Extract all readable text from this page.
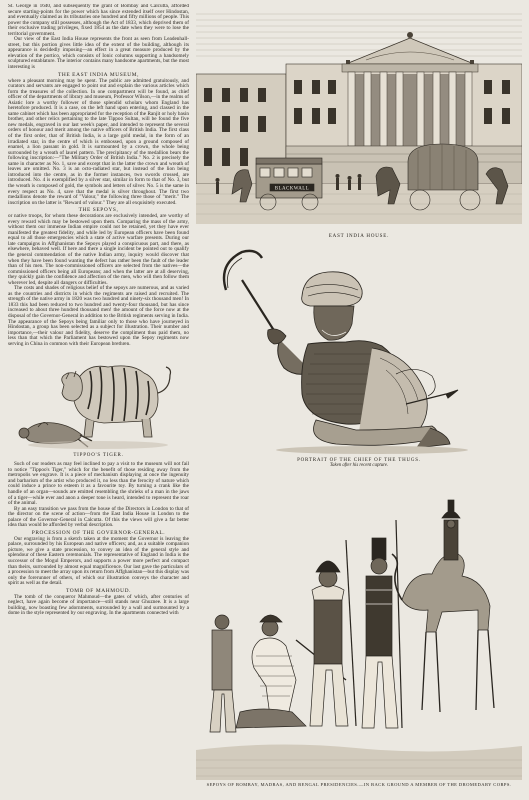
St. George in 1640, and subsequently the grant of Bombay and Calcutta, afforded secure starting-points for the power which has since extended itself over Hindostan, and eventually claimed as its tributaries one hundred and fifty millions of people. This power the company still possesses, although the Act of 1833, which deprived them of their exclusive trading privileges, fixed 1854 as the date when they were to lose the territorial government.

Our view of the East India House represents the front as seen from Leadenhall-street, but this portion gives little idea of the extent of the building, although its appearance is decidedly imposing—an effect in a great measure produced by the elevation of the portico, which consists of Ionic columns supporting a handsomely sculptured entablature. The interior contains many handsome apartments, but the most interesting is

THE EAST INDIA MUSEUM,

where a pleasant morning may be spent. The public are admitted gratuitously, and curators and servants are engaged to point out and explain the various articles which form the treasures of the collection. In one compartment will be found, as chief officer of the departments of library and museum, Professor Wilson,—in the realms of Asiatic lore a worthy follower of those splendid scholars whom England has heretofore produced. It is a case, on the left hand upon entering, and classed in the same cabinet which has been appropriated for the reception of the Ranjit or holy basin brother, and other relics pertaining to the late Tippoo Sultan, will be found the five new medals, engraved in our last week's paper, and intended to represent the several orders of honour and merit among the native officers of British India. The first class of the first order, that of British India, is a large gold medal, in the form of an irradiated star, in the centre of which is embossed, upon a ground composed of enamel, a lion passant in gold. It is surmounted by a crown, the whole being surrounded by a wreath of laurel pattern. The precipitancy of the medallion bears the following inscription:—"The Military Order of British India." No. 2 is precisely the same in character as No. 1, save and except that in the latter the crown and wreath of leaves are omitted. No. 3 is an octo-radiated star, but instead of the lion being introduced into the centre, as in the former instances, two swords crossed, are introduced. No. 4 is exemplified by a silver star, similar in form to that of No. 3, but the wreath is composed of gold, the symbols and letters of silver. No. 5 is the same in every respect as No. 4, save that the medal is silver throughout. The first two medallions denote the reward of "Valour," the following three those of "merit." The inscription on the latter is "Reward of valour." They are all exquisitely executed.

THE SEPOYS,

or native troops, for whom these decorations are exclusively intended, are worthy of every reward which may be bestowed upon them. Comparing the mass of the army, without them our immense Indian empire could not be retained, yet they have ever manifested the greatest fidelity, and while led by European officers have been found equal to all those emergencies which a state of active warfare presents. During our late campaigns in Affghanistan the Sepoys played a conspicuous part, and there, as elsewhere, behaved well. If here and there a single incident be pointed out to qualify the general commendation of the native Indian army, inquiry would discover that when they have been found wanting the defect has rather been the fault of the leader than of his men. The non-commissioned officers are selected from the natives—the commissioned officers being all Europeans; and when the latter are at all deserving, they quickly gain the confidence and affection of the men, who will then follow them wherever led, despite all dangers or difficulties.

The costs and shades of religious belief of the sepoys are numerous, and as varied as the countries and districts in which the regiments are raised and recruited. The strength of the native army in 1820 was two hundred and ninety-six thousand men! In 1833 this had been reduced to two hundred and twenty-four thousand, but has since increased to about three hundred thousand men! the amount of the force now at the disposal of the Governor-General in addition to the British regiments serving in India. The appearance of the Sepoys being familiar only to those who have journeyed in Hindostan, a group has been selected as a subject for illustration. Their number and importance,—their valour and fidelity, deserve the compliment thus paid them, no less than that which the Parliament has bestowed upon the Sepoy regiments now serving in China in common with their European brethren.

TIPPOO'S TIGER.

Such of our readers as may feel inclined to pay a visit to the museum will not fail to notice "Tippoo's Tiger," which for the benefit of those residing away from the metropolis we engrave. It is a piece of mechanism displaying at once the ingenuity and barbarism of the artist who produced it, no less than the ferocity of nature which could induce a prince to esteem it as a favourite toy. By turning a crank like the handle of an organ—sounds are emitted resembling the shrieks of a man in the jaws of a tiger—while ever and anon a deeper tone is heard, intended to represent the roar of the animal.

By an easy transition we pass from the house of the Directors in London to that of the director on the scene of action—from the East India House in London to the palace of the Governor-General in Calcutta. Of this the views will give a far better idea than would be afforded by verbal description.

PROCESSION OF THE GOVERNOR-GENERAL.

Our engraving is from a sketch taken at the moment the Governor is leaving the palace, surrounded by his European and native officers; and, as a suitable companion picture, we give a state procession, to convey an idea of the general style and splendour of these Eastern ceremonials. The representative of England in India is the successor of the Mogul Emperors, and supports a power more perfect and compact than theirs, surrounded by almost equal magnificence. Our last gave the particulars of a procession to meet the array upon its return from Affghanistan—but this display was only the forerunner of others, of which our illustration conveys the character and spirit as well as the detail.

TOMB OF MAHMOUD.

The tomb of the conqueror Mahmoud—the gates of which, after centuries of neglect, have again become of importance—still stands near Ghuznee. It is a large building, now boasting few adornments, surrounded by a wall and surmounted by a dome in the style represented by our engraving. In the apartments connected with

BLACKWALL
EAST INDIA HOUSE.
PORTRAIT OF THE CHIEF OF THE THUGS.
Taken after his recent capture.
SEPOYS OF BOMBAY, MADRAS, AND BENGAL PRESIDENCIES.—IN BACK GROUND A MEMBER OF THE DROMEDARY CORPS.
